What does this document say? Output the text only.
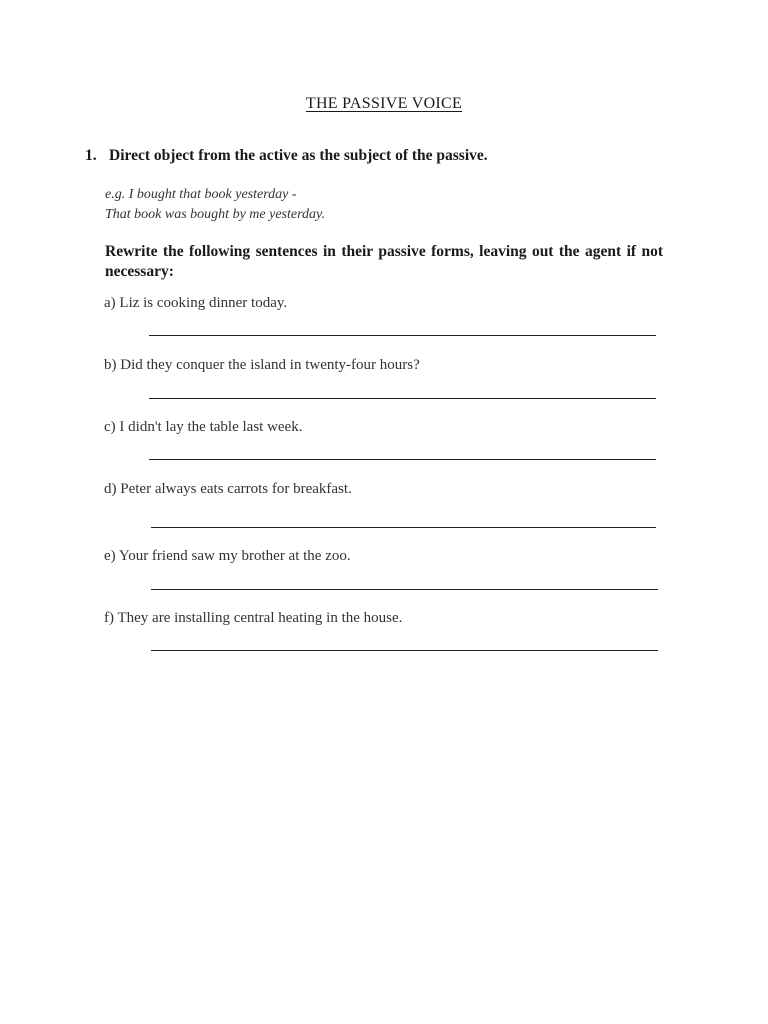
THE PASSIVE VOICE
1. Direct object from the active as the subject of the passive.
e.g. I bought that book yesterday -
That book was bought by me yesterday.
Rewrite the following sentences in their passive forms, leaving out the agent if not necessary:
a) Liz is cooking dinner today.
b) Did they conquer the island in twenty-four hours?
c) I didn't lay the table last week.
d) Peter always eats carrots for breakfast.
e) Your friend saw my brother at the zoo.
f) They are installing central heating in the house.
